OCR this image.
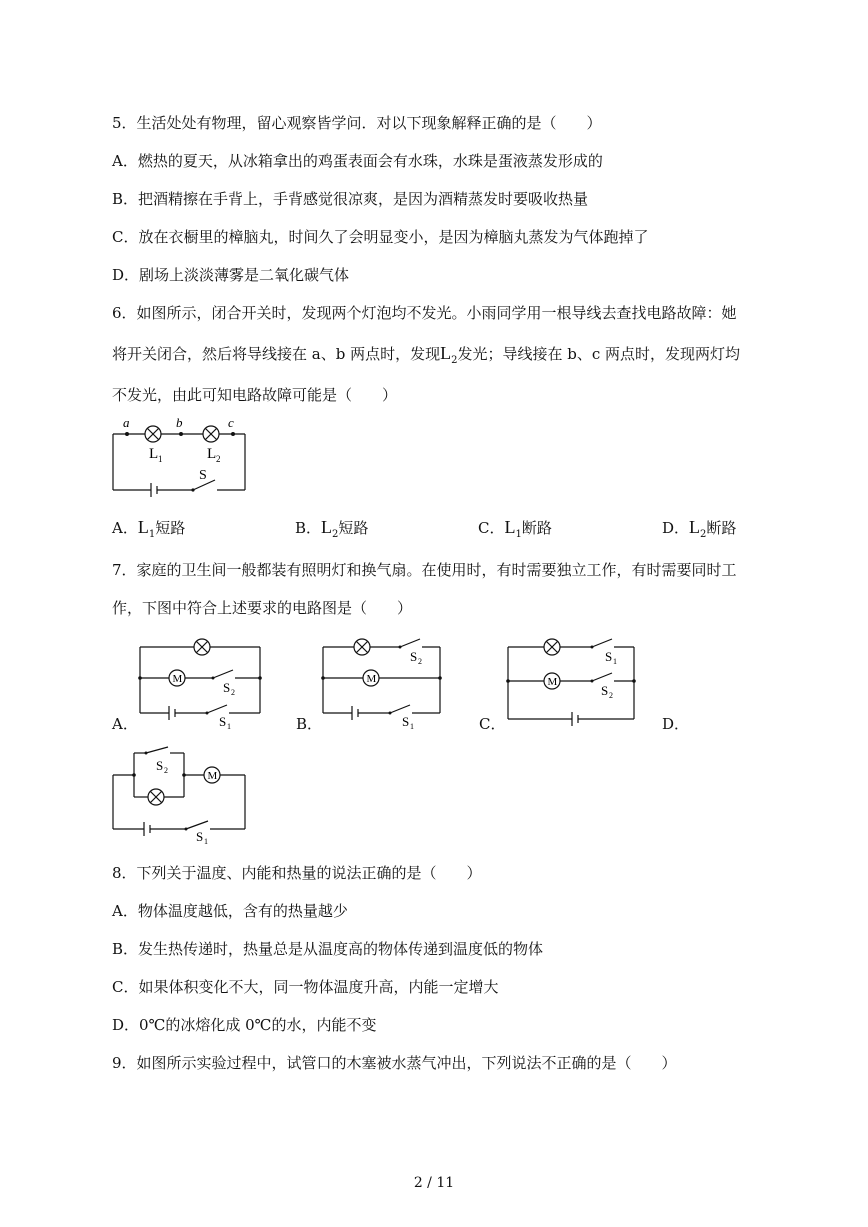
5．生活处处有物理，留心观察皆学问．对以下现象解释正确的是（　　）
A．燃热的夏天，从冰箱拿出的鸡蛋表面会有水珠，水珠是蛋液蒸发形成的
B．把酒精擦在手背上，手背感觉很凉爽，是因为酒精蒸发时要吸收热量
C．放在衣橱里的樟脑丸，时间久了会明显变小，是因为樟脑丸蒸发为气体跑掉了
D．剧场上淡淡薄雾是二氧化碳气体
6．如图所示，闭合开关时，发现两个灯泡均不发光。小雨同学用一根导线去查找电路故障：她
将开关闭合，然后将导线接在 a、b 两点时，发现$L_2$发光；导线接在 b、c 两点时，发现两灯均
不发光，由此可知电路故障可能是（　　）
a	b	c
L 1	L 2
S
A．$L_1$短路	B．$L_2$短路	C．$L_1$断路	D．$L_2$断路
7．家庭的卫生间一般都装有照明灯和换气扇。在使用时，有时需要独立工作，有时需要同时工
作，下图中符合上述要求的电路图是（　　）
A．
M
S 2
S 1	B．
M
S 2
S 1	C．
M
S 1
S 2
D．
M
S 2
S 1
8．下列关于温度、内能和热量的说法正确的是（　　）
A．物体温度越低，含有的热量越少
B．发生热传递时，热量总是从温度高的物体传递到温度低的物体
C．如果体积变化不大，同一物体温度升高，内能一定增大
D．0℃的冰熔化成 0℃的水，内能不变
9．如图所示实验过程中，试管口的木塞被水蒸气冲出，下列说法不正确的是（　　）
2 / 11
